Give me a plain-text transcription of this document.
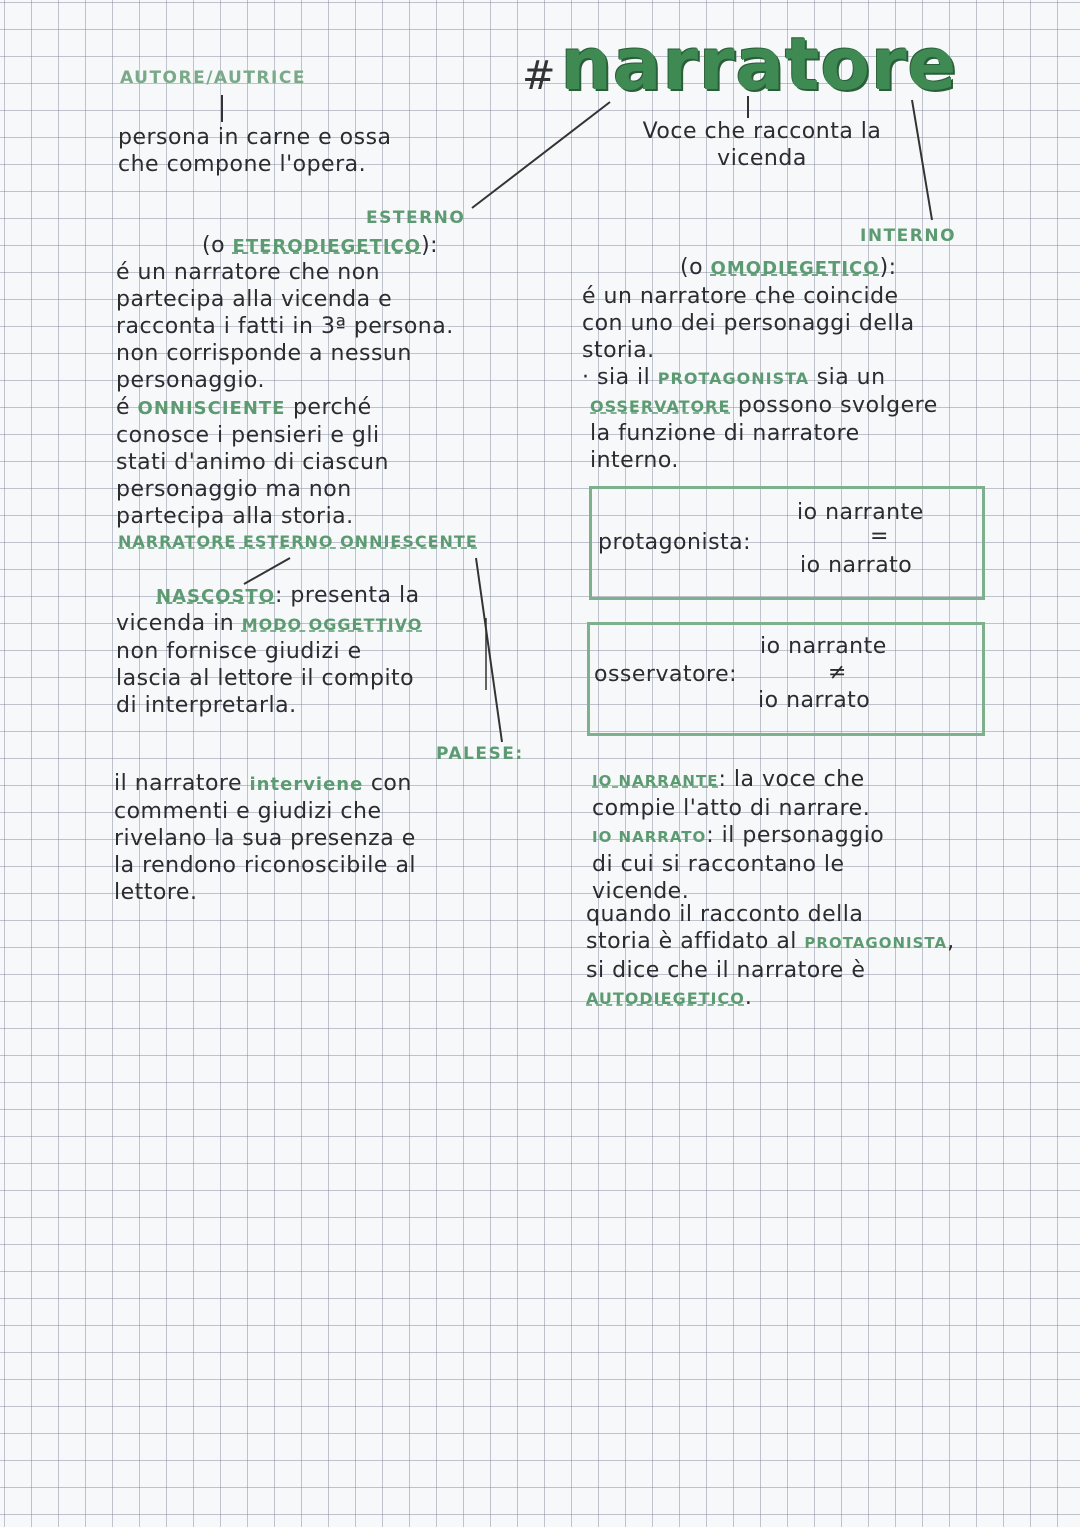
# narratore
AUTORE/AUTRICE
persona in carne e ossa
che compone l'opera.
Voce che racconta la
vicenda
ESTERNO
(o ETERODIEGETICO):
é un narratore che non
partecipa alla vicenda e
racconta i fatti in 3ª persona.
non corrisponde a nessun
personaggio.
é ONNISCIENTE perché
conosce i pensieri e gli
stati d'animo di ciascun
personaggio ma non
partecipa alla storia.
NARRATORE ESTERNO ONNIESCENTE
NASCOSTO: presenta la
vicenda in MODO OGGETTIVO
non fornisce giudizi e
lascia al lettore il compito
di interpretarla.
PALESE:
il narratore interviene con
commenti e giudizi che
rivelano la sua presenza e
la rendono riconoscibile al
lettore.
INTERNO
(o OMODIEGETICO):
é un narratore che coincide
con uno dei personaggi della
storia.
· sia il PROTAGONISTA sia un
OSSERVATORE possono svolgere
la funzione di narratore
interno.
protagonista:
io narrante
=
io narrato
osservatore:
io narrante
≠
io narrato
IO NARRANTE: la voce che
compie l'atto di narrare.
IO NARRATO: il personaggio
di cui si raccontano le
vicende.
quando il racconto della
storia è affidato al PROTAGONISTA,
si dice che il narratore è
AUTODIEGETICO.
